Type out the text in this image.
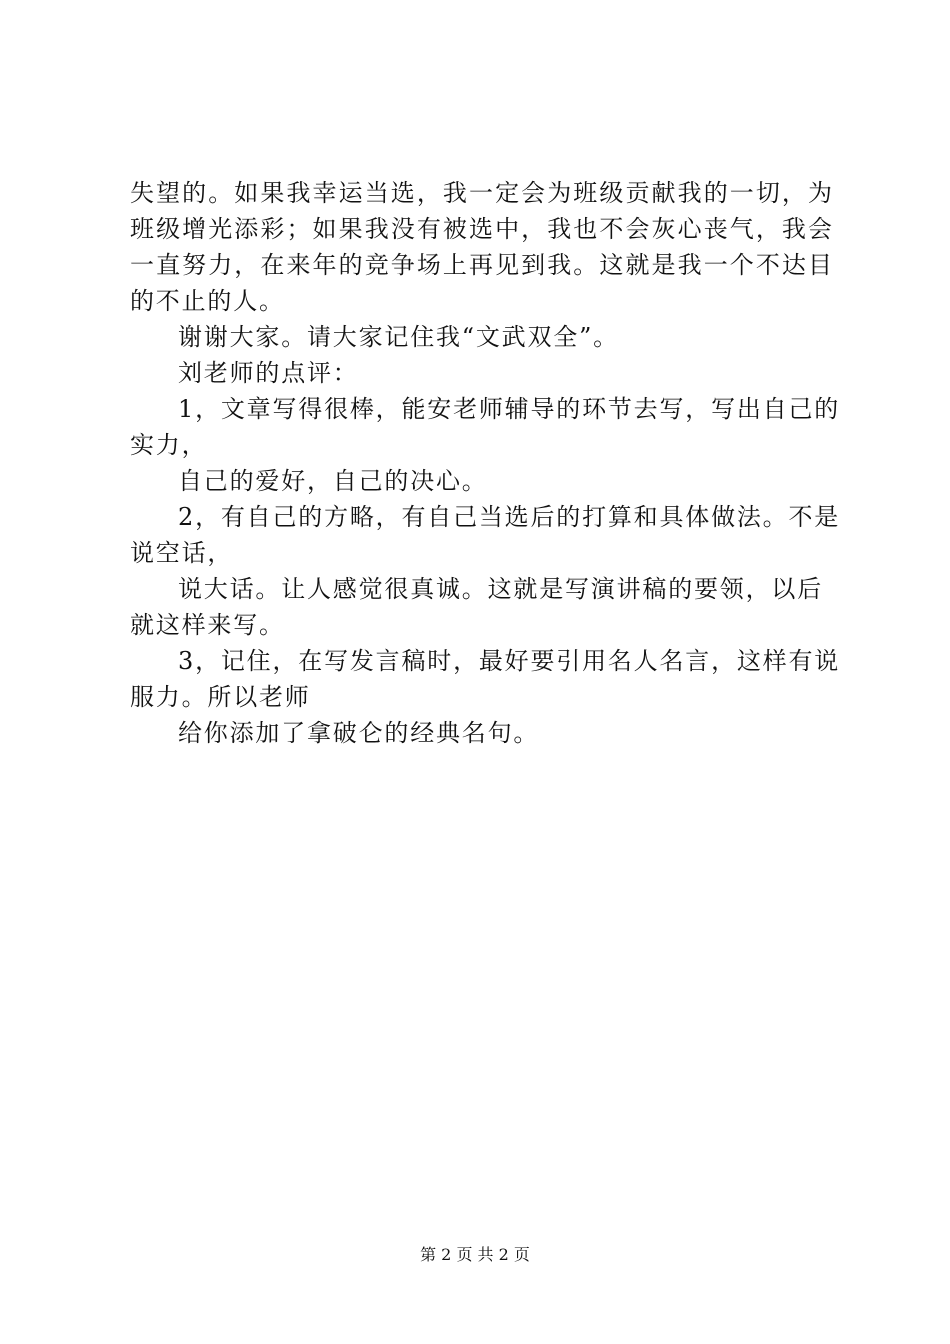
失望的。如果我幸运当选，我一定会为班级贡献我的一切，为
班级增光添彩；如果我没有被选中，我也不会灰心丧气，我会
一直努力，在来年的竞争场上再见到我。这就是我一个不达目
的不止的人。
谢谢大家。请大家记住我“文武双全”。
刘老师的点评：
1，文章写得很棒，能安老师辅导的环节去写，写出自己的
实力，
自己的爱好，自己的决心。
2，有自己的方略，有自己当选后的打算和具体做法。不是
说空话，
说大话。让人感觉很真诚。这就是写演讲稿的要领，以后
就这样来写。
3，记住，在写发言稿时，最好要引用名人名言，这样有说
服力。所以老师
给你添加了拿破仑的经典名句。
第 2 页 共 2 页
